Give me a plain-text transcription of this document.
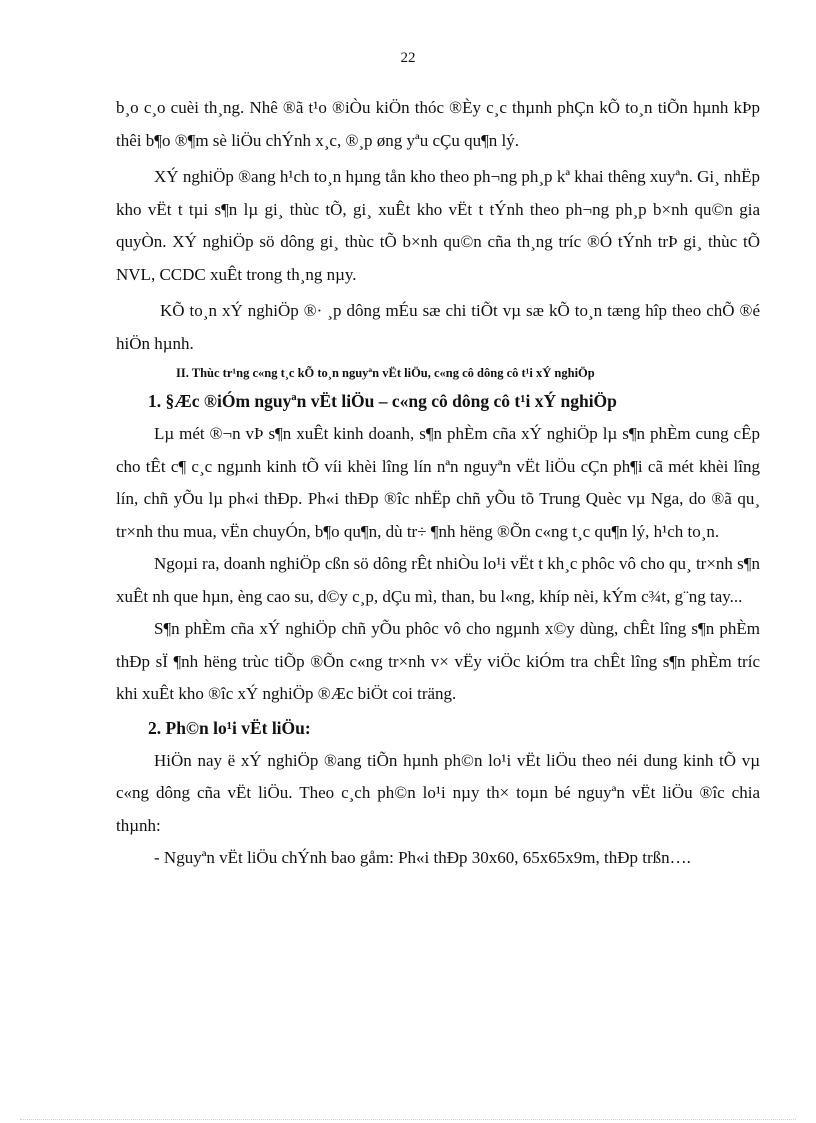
22

b¸o c¸o cuèi th¸ng. Nhê ®ã t¹o ®iÒu kiÖn thóc ®Èy c¸c thµnh phÇn kÕ to¸n tiÕn hµnh kÞp thêi b¶o ®¶m sè liÖu chÝnh x¸c, ®¸p øng yªu cÇu qu¶n lý.

XÝ nghiÖp ®ang h¹ch to¸n hµng tån kho theo ph¬ng ph¸p kª khai thêng xuyªn. Gi¸ nhËp kho vËt t tµi s¶n lµ gi¸ thùc tÕ, gi¸ xuÊt kho vËt t tÝnh theo ph¬ng ph¸p b×nh qu©n gia quyÒn. XÝ nghiÖp sö dông gi¸ thùc tÕ b×nh qu©n cña th¸ng tríc ®Ó tÝnh trÞ gi¸ thùc tÕ NVL, CCDC xuÊt trong th¸ng nµy.

KÕ to¸n xÝ nghiÖp ®· ¸p dông mÉu sæ chi tiÕt vµ sæ kÕ to¸n tæng hîp theo chÕ ®é hiÖn hµnh.

II. Thùc tr¹ng c«ng t¸c kÕ to¸n nguyªn vËt liÖu, c«ng cô dông cô t¹i xÝ nghiÖp

1. §Æc ®iÓm nguyªn vËt liÖu – c«ng cô dông cô t¹i xÝ nghiÖp

Lµ mét ®¬n vÞ s¶n xuÊt kinh doanh, s¶n phÈm cña xÝ nghiÖp lµ s¶n phÈm cung cÊp cho tÊt c¶ c¸c ngµnh kinh tÕ víi khèi lîng lín nªn nguyªn vËt liÖu cÇn ph¶i cã mét khèi lîng lín, chñ yÕu lµ ph«i thÐp. Ph«i thÐp ®îc nhËp chñ yÕu tõ Trung Quèc vµ Nga, do ®ã qu¸ tr×nh thu mua, vËn chuyÓn, b¶o qu¶n, dù tr÷ ¶nh hëng ®Õn c«ng t¸c qu¶n lý, h¹ch to¸n.

Ngoµi ra, doanh nghiÖp cßn sö dông rÊt nhiÒu lo¹i vËt t kh¸c phôc vô cho qu¸ tr×nh s¶n xuÊt nh que hµn, èng cao su, d©y c¸p, dÇu mì, than, bu l«ng, khíp nèi, kÝm c¾t, g¨ng tay...

S¶n phÈm cña xÝ nghiÖp chñ yÕu phôc vô cho ngµnh x©y dùng, chÊt lîng s¶n phÈm thÐp sÏ ¶nh hëng trùc tiÕp ®Õn c«ng tr×nh v× vËy viÖc kiÓm tra chÊt lîng s¶n phÈm tríc khi xuÊt kho ®îc xÝ nghiÖp ®Æc biÖt coi träng.

2. Ph©n lo¹i vËt liÖu:

HiÖn nay ë xÝ nghiÖp ®ang tiÕn hµnh ph©n lo¹i vËt liÖu theo néi dung kinh tÕ vµ c«ng dông cña vËt liÖu. Theo c¸ch ph©n lo¹i nµy th× toµn bé nguyªn vËt liÖu ®îc chia thµnh:

- Nguyªn vËt liÖu chÝnh bao gåm: Ph«i thÐp 30x60, 65x65x9m, thÐp trßn….
